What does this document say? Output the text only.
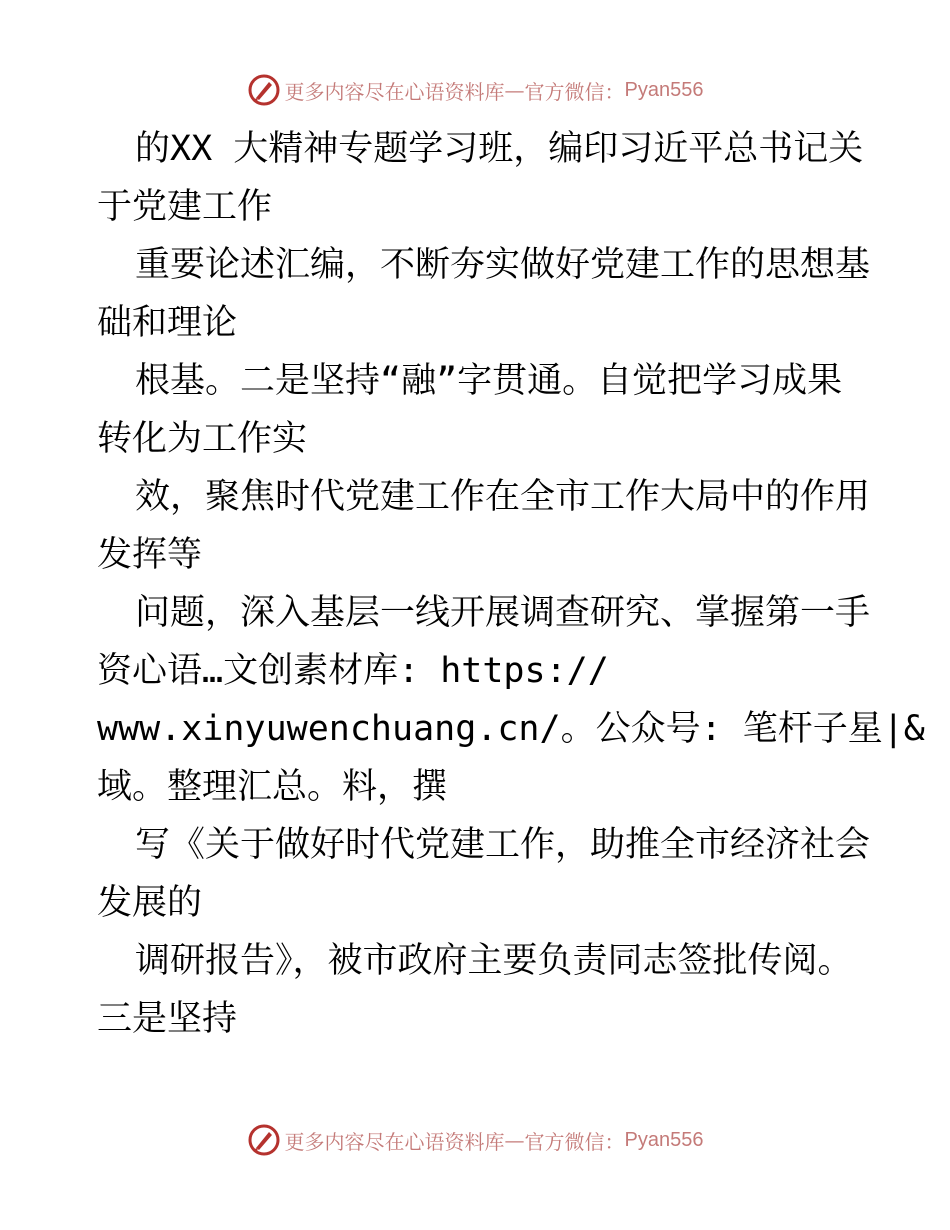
更多内容尽在心语资料库 — 官方微信： Pyan556
的XX 大精神专题学习班，编印习近平总书记关
于党建工作
重要论述汇编，不断夯实做好党建工作的思想基
础和理论
根基。二是坚持“融”字贯通。自觉把学习成果
转化为工作实
效，聚焦时代党建工作在全市工作大局中的作用
发挥等
问题，深入基层一线开展调查研究、掌握第一手
资心语…文创素材库: https://
www.xinyuwenchuang.cn/。公众号: 笔杆子星|&
域。整理汇总。料，撰
写《关于做好时代党建工作，助推全市经济社会
发展的
调研报告》，被市政府主要负责同志签批传阅。
三是坚持
更多内容尽在心语资料库 — 官方微信： Pyan556
